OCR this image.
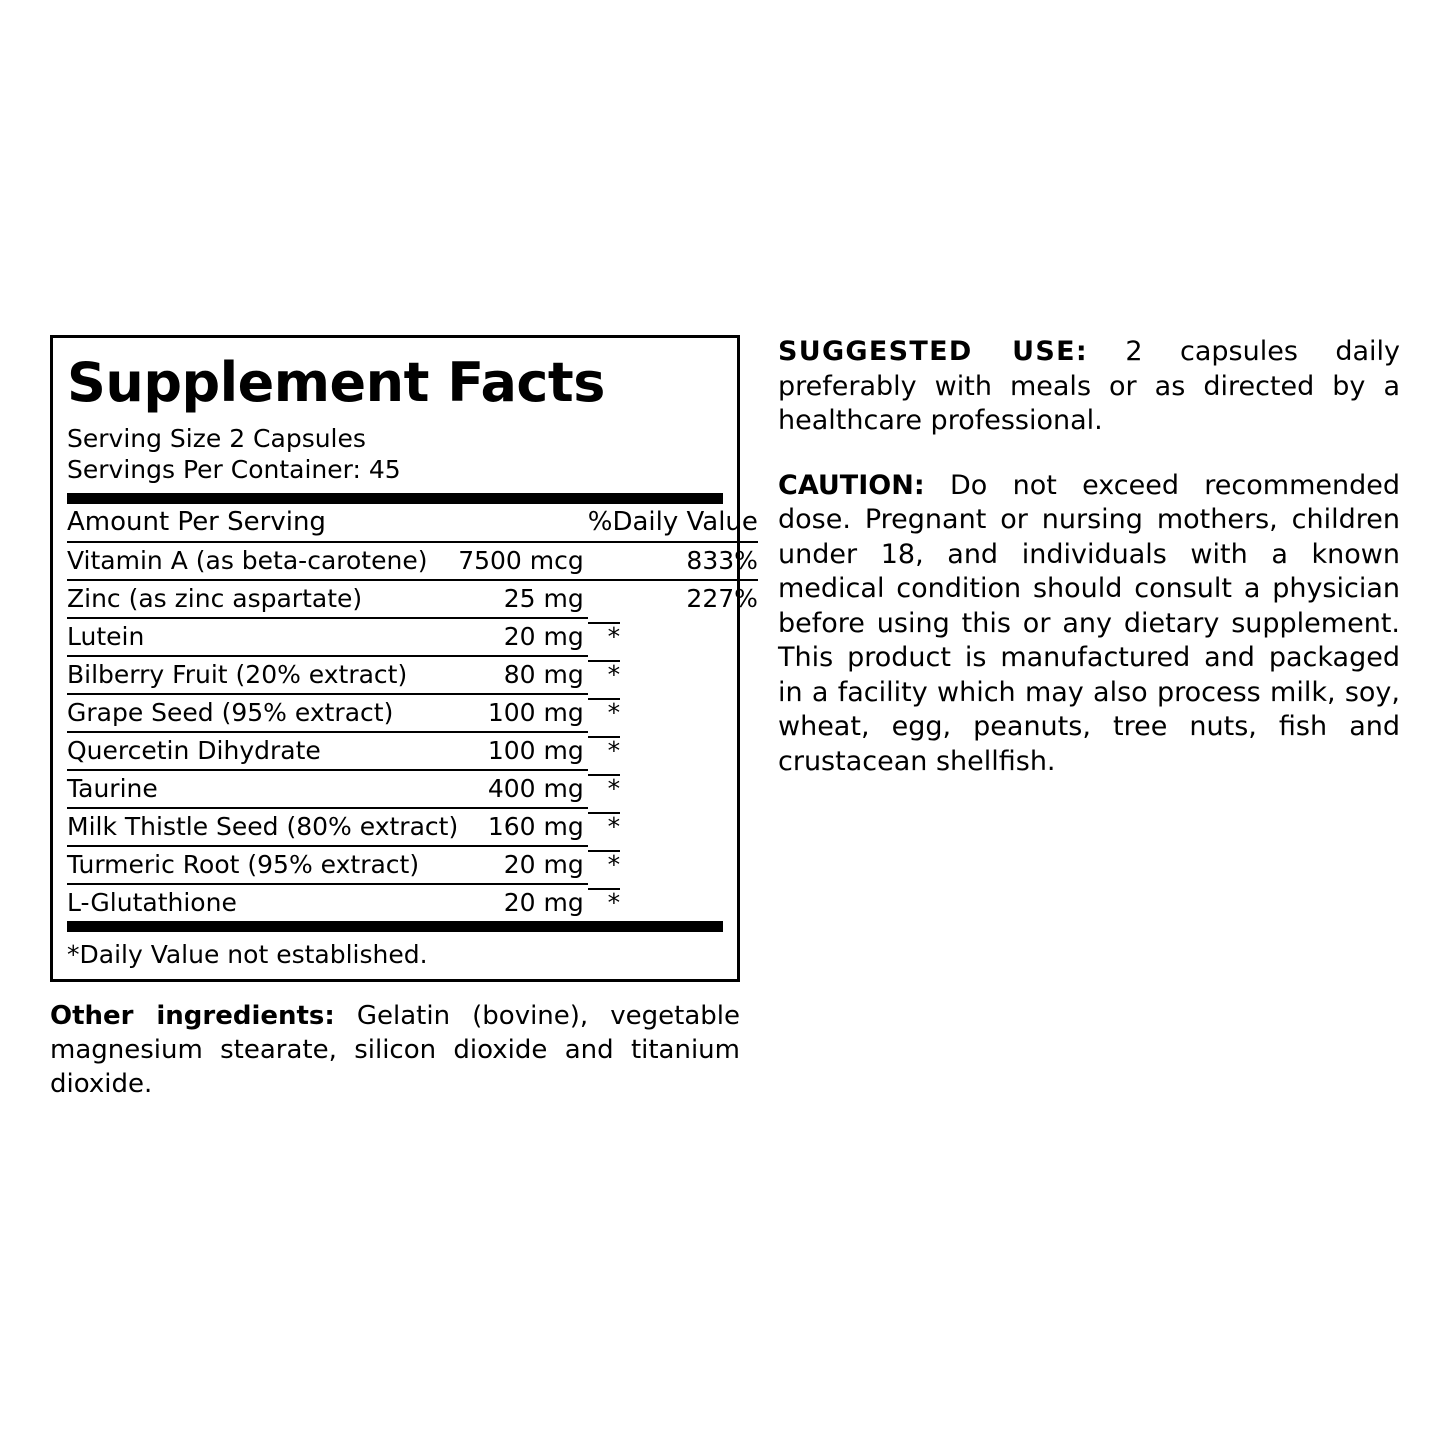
Supplement Facts
Serving Size 2 Capsules
Servings Per Container: 45
Amount Per Serving		%Daily Value
Vitamin A (as beta-carotene)	7500 mcg	833%
Zinc (as zinc aspartate)	25 mg	227%
Lutein	20 mg	*
Bilberry Fruit (20% extract)	80 mg	*
Grape Seed (95% extract)	100 mg	*
Quercetin Dihydrate	100 mg	*
Taurine	400 mg	*
Milk Thistle Seed (80% extract)	160 mg	*
Turmeric Root (95% extract)	20 mg	*
L-Glutathione	20 mg	*
*Daily Value not established.
Other ingredients: Gelatin (bovine), vegetable magnesium stearate, silicon dioxide and titanium dioxide.
SUGGESTED USE: 2 capsules daily preferably with meals or as directed by a healthcare professional.
CAUTION: Do not exceed recommended dose. Pregnant or nursing mothers, children under 18, and individuals with a known medical condition should consult a physician before using this or any dietary supplement. This product is manufactured and packaged in a facility which may also process milk, soy, wheat, egg, peanuts, tree nuts, fish and crustacean shellfish.
